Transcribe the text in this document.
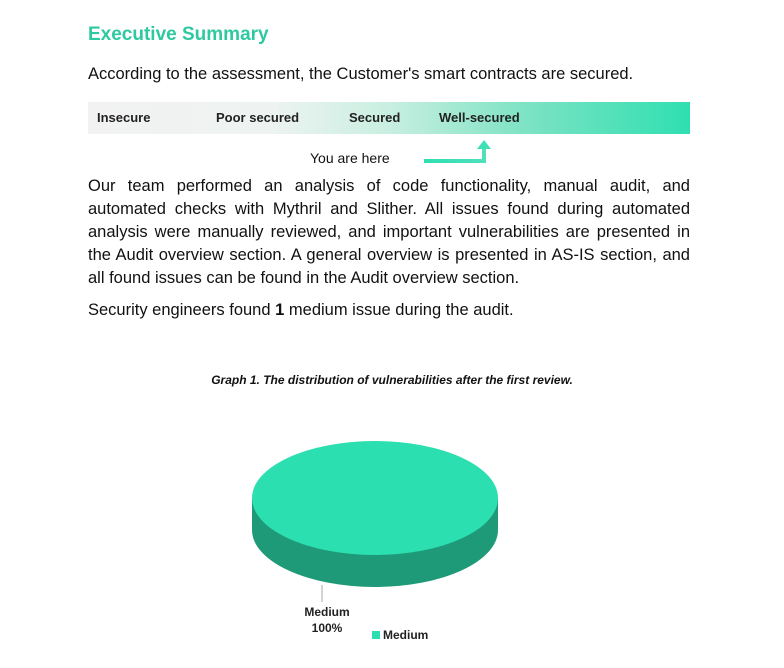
Executive Summary
According to the assessment, the Customer's smart contracts are secured.
Insecure	Poor secured	Secured	Well-secured
You are here

Our team performed an analysis of code functionality, manual audit, and automated checks with Mythril and Slither. All issues found during automated analysis were manually reviewed, and important vulnerabilities are presented in the Audit overview section. A general overview is presented in AS-IS section, and all found issues can be found in the Audit overview section.

Security engineers found 1 medium issue during the audit.
Graph 1. The distribution of vulnerabilities after the first review.
Medium
100%	Medium
